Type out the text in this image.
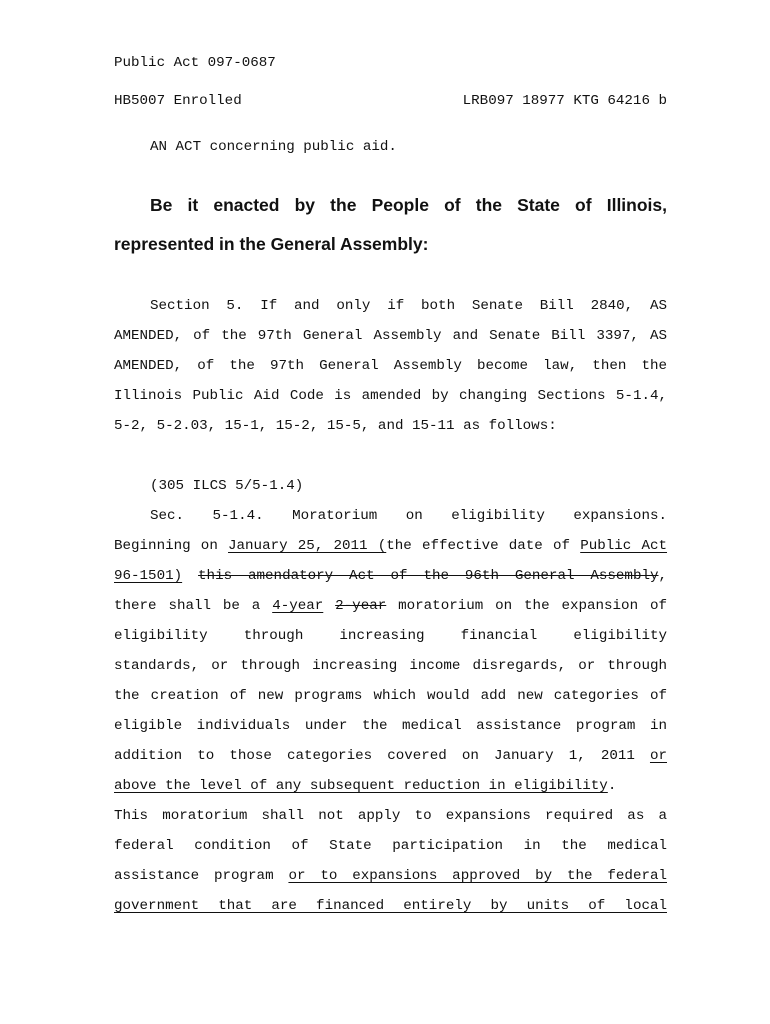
Public Act 097-0687
HB5007 Enrolled	LRB097 18977 KTG 64216 b
AN ACT concerning public aid.
Be it enacted by the People of the State of Illinois,
represented in the General Assembly:
Section 5. If and only if both Senate Bill 2840, AS
AMENDED, of the 97th General Assembly and Senate Bill 3397, AS
AMENDED, of the 97th General Assembly become law, then the
Illinois Public Aid Code is amended by changing Sections 5-1.4,
5-2, 5-2.03, 15-1, 15-2, 15-5, and 15-11 as follows:
(305 ILCS 5/5-1.4)
Sec. 5-1.4. Moratorium on eligibility expansions.
Beginning on January 25, 2011 (the effective date of Public Act
96-1501) this amendatory Act of the 96th General Assembly,
there shall be a 4-year 2-year moratorium on the expansion of
eligibility through increasing financial eligibility
standards, or through increasing income disregards, or through
the creation of new programs which would add new categories of
eligible individuals under the medical assistance program in
addition to those categories covered on January 1, 2011 or
above the level of any subsequent reduction in eligibility.
This moratorium shall not apply to expansions required as a
federal condition of State participation in the medical
assistance program or to expansions approved by the federal
government that are financed entirely by units of local
